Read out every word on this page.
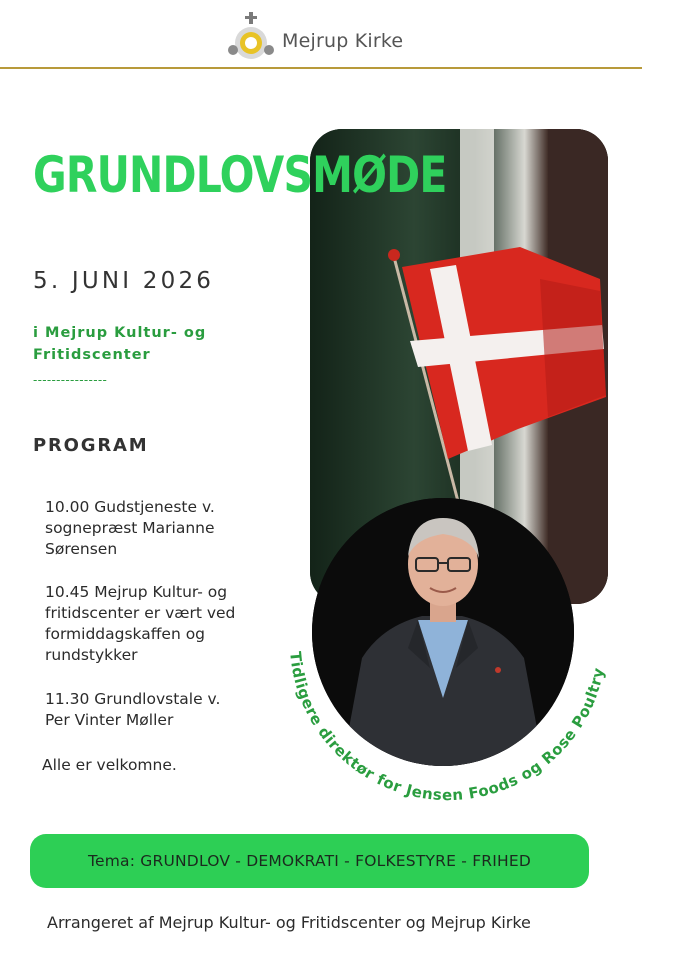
Mejrup Kirke
GRUNDLOVSMØDE
5. JUNI 2026
i Mejrup Kultur- og
Fritidscenter
----------------
PROGRAM
10.00 Gudstjeneste v.
sognepræst Marianne
Sørensen
10.45 Mejrup Kultur- og
fritidscenter er vært ved
formiddagskaffen og
rundstykker
11.30 Grundlovstale v.
Per Vinter Møller
Alle er velkomne.
Tidligere direktør for Jensen Foods og Rose Poultry
Tema: GRUNDLOV - DEMOKRATI - FOLKESTYRE - FRIHED
Arrangeret af Mejrup Kultur- og Fritidscenter og Mejrup Kirke
